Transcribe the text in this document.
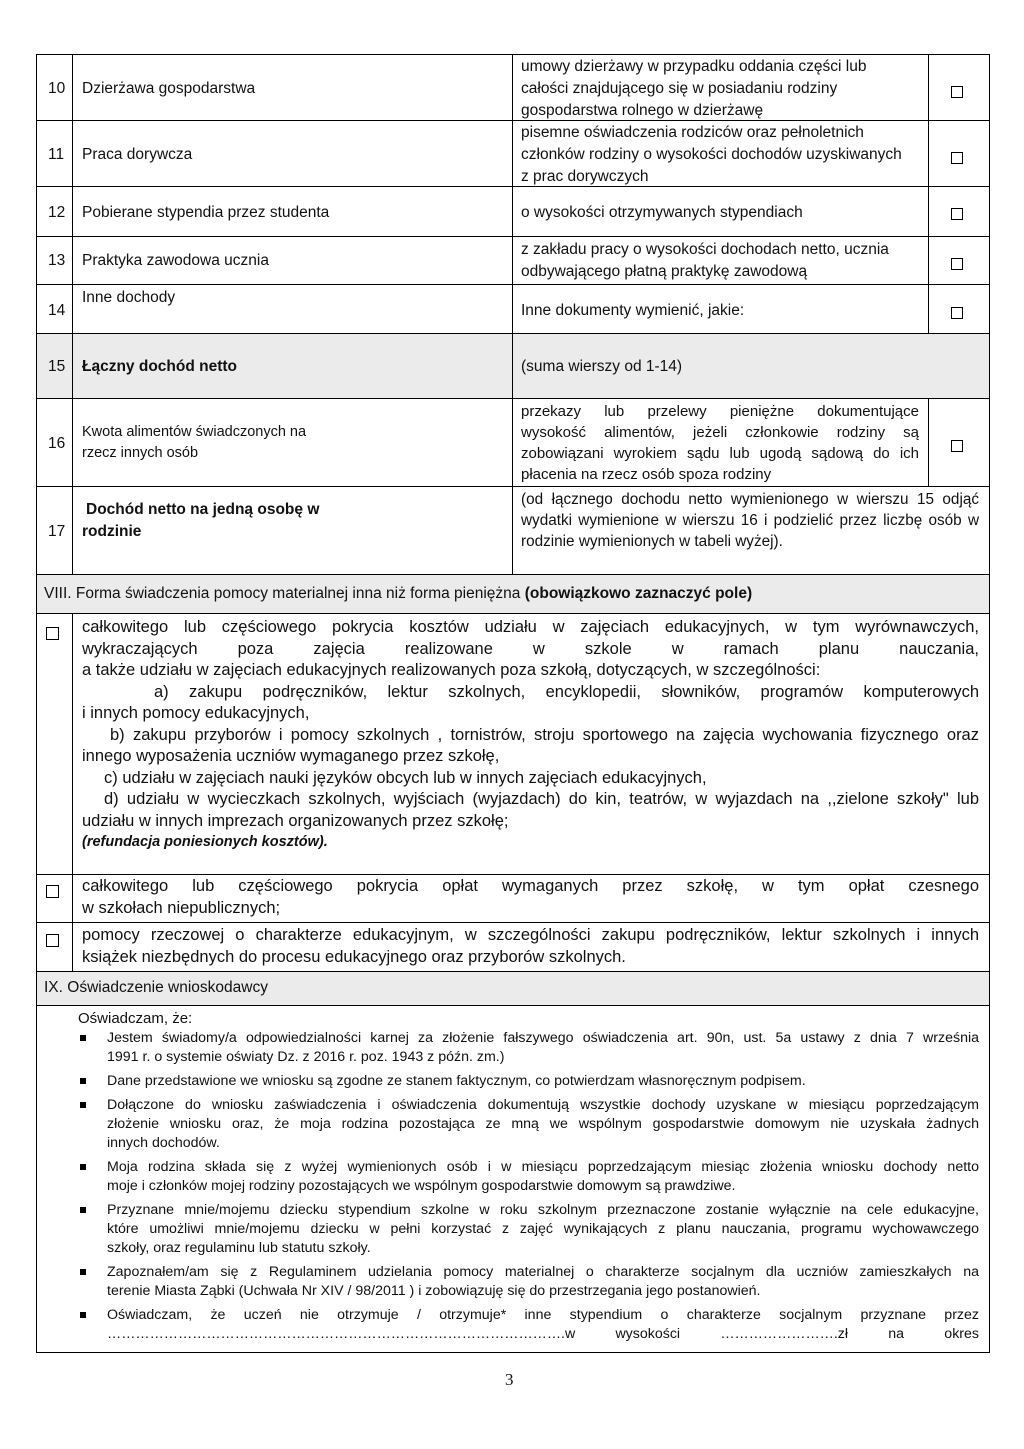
10 Dzierżawa gospodarstwa
umowy dzierżawy w przypadku oddania części lub
całości znajdującego się w posiadaniu rodziny
gospodarstwa rolnego w dzierżawę
11 Praca dorywcza
pisemne oświadczenia rodziców oraz pełnoletnich
członków rodziny o wysokości dochodów uzyskiwanych
z prac dorywczych
12 Pobierane stypendia przez studenta	o wysokości otrzymywanych stypendiach
13 Praktyka zawodowa ucznia
z zakładu pracy o wysokości dochodach netto, ucznia
odbywającego płatną praktykę zawodową
14
Inne dochody
Inne dokumenty wymienić, jakie:
15 Łączny dochód netto	(suma wierszy od 1-14)
16
Kwota alimentów świadczonych na
rzecz innych osób
przekazy lub przelewy pieniężne dokumentujące
wysokość alimentów, jeżeli członkowie rodziny są
zobowiązani wyrokiem sądu lub ugodą sądową do ich
płacenia na rzecz osób spoza rodziny
17
Dochód netto na jedną osobę w
rodzinie
(od łącznego dochodu netto wymienionego w wierszu 15 odjąć
wydatki wymienione w wierszu 16 i podzielić przez liczbę osób w
rodzinie wymienionych w tabeli wyżej).
VIII. Forma świadczenia pomocy materialnej inna niż forma pieniężna (obowiązkowo zaznaczyć pole)
całkowitego lub częściowego pokrycia kosztów udziału w zajęciach edukacyjnych, w tym wyrównawczych,
wykraczających poza zajęcia realizowane w szkole w ramach planu nauczania,
a także udziału w zajęciach edukacyjnych realizowanych poza szkołą, dotyczących, w szczególności:
a) zakupu podręczników, lektur szkolnych, encyklopedii, słowników, programów komputerowych
i innych pomocy edukacyjnych,
b) zakupu przyborów i pomocy szkolnych , tornistrów, stroju sportowego na zajęcia wychowania fizycznego oraz
innego wyposażenia uczniów wymaganego przez szkołę,
c) udziału w zajęciach nauki języków obcych lub w innych zajęciach edukacyjnych,
d) udziału w wycieczkach szkolnych, wyjściach (wyjazdach) do kin, teatrów, w wyjazdach na ,,zielone szkoły" lub
udziału w innych imprezach organizowanych przez szkołę;
(refundacja poniesionych kosztów).
całkowitego lub częściowego pokrycia opłat wymaganych przez szkołę, w tym opłat czesnego
w szkołach niepublicznych;
pomocy rzeczowej o charakterze edukacyjnym, w szczególności zakupu podręczników, lektur szkolnych i innych
książek niezbędnych do procesu edukacyjnego oraz przyborów szkolnych.
IX. Oświadczenie wnioskodawcy
Oświadczam, że:
Jestem świadomy/a odpowiedzialności karnej za złożenie fałszywego oświadczenia art. 90n, ust. 5a ustawy z dnia 7 września
1991 r. o systemie oświaty Dz. z 2016 r. poz. 1943 z późn. zm.)
Dane przedstawione we wniosku są zgodne ze stanem faktycznym, co potwierdzam własnoręcznym podpisem.
Dołączone do wniosku zaświadczenia i oświadczenia dokumentują wszystkie dochody uzyskane w miesiącu poprzedzającym
złożenie wniosku oraz, że moja rodzina pozostająca ze mną we wspólnym gospodarstwie domowym nie uzyskała żadnych
innych dochodów.
Moja rodzina składa się z wyżej wymienionych osób i w miesiącu poprzedzającym miesiąc złożenia wniosku dochody netto
moje i członków mojej rodziny pozostających we wspólnym gospodarstwie domowym są prawdziwe.
Przyznane mnie/mojemu dziecku stypendium szkolne w roku szkolnym przeznaczone zostanie wyłącznie na cele edukacyjne,
które umożliwi mnie/mojemu dziecku w pełni korzystać z zajęć wynikających z planu nauczania, programu wychowawczego
szkoły, oraz regulaminu lub statutu szkoły.
Zapoznałem/am się z Regulaminem udzielania pomocy materialnej o charakterze socjalnym dla uczniów zamieszkałych na
terenie Miasta Ząbki (Uchwała Nr XIV / 98/2011 ) i zobowiązuję się do przestrzegania jego postanowień.
Oświadczam, że uczeń nie otrzymuje / otrzymuje* inne stypendium o charakterze socjalnym przyznane przez
…………………………………………………………………………………….w wysokości …………………….zł na okres
3
